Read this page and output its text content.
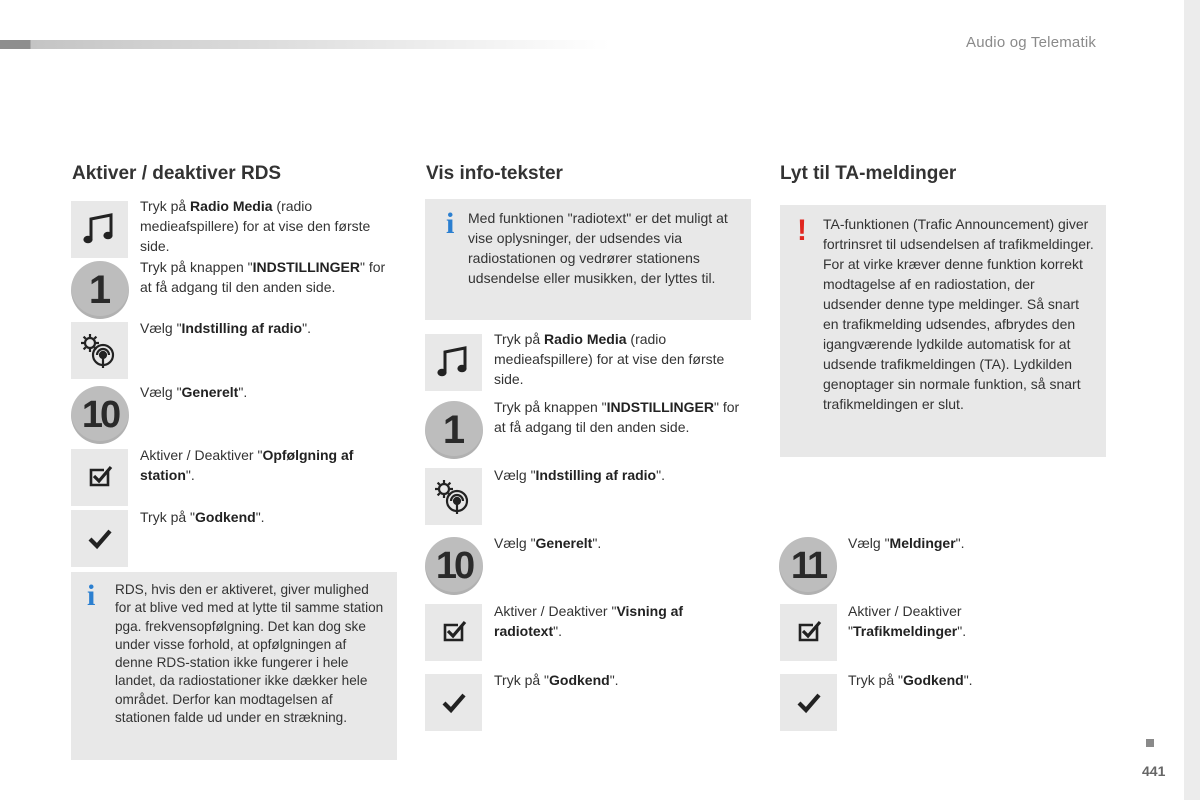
Audio og Telematik
441
Aktiver / deaktiver RDS
Tryk på Radio Media (radio medieafspillere) for at vise den første side.
1
Tryk på knappen "INDSTILLINGER" for at få adgang til den anden side.
Vælg "Indstilling af radio".
10
Vælg "Generelt".
Aktiver / Deaktiver "Opfølgning af station".
Tryk på "Godkend".
i RDS, hvis den er aktiveret, giver mulighed for at blive ved med at lytte til samme station pga. frekvensopfølgning. Det kan dog ske under visse forhold, at opfølgningen af denne RDS-station ikke fungerer i hele landet, da radiostationer ikke dækker hele området. Derfor kan modtagelsen af stationen falde ud under en strækning.
Vis info-tekster
i Med funktionen "radiotext" er det muligt at vise oplysninger, der udsendes via radiostationen og vedrører stationens udsendelse eller musikken, der lyttes til.
Tryk på Radio Media (radio medieafspillere) for at vise den første side.
1
Tryk på knappen "INDSTILLINGER" for at få adgang til den anden side.
Vælg "Indstilling af radio".
10
Vælg "Generelt".
Aktiver / Deaktiver "Visning af radiotext".
Tryk på "Godkend".
Lyt til TA-meldinger
! TA-funktionen (Trafic Announcement) giver fortrinsret til udsendelsen af trafikmeldinger. For at virke kræver denne funktion korrekt modtagelse af en radiostation, der udsender denne type meldinger. Så snart en trafikmelding udsendes, afbrydes den igangværende lydkilde automatisk for at udsende trafikmeldingen (TA). Lydkilden genoptager sin normale funktion, så snart trafikmeldingen er slut.
11
Vælg "Meldinger".
Aktiver / Deaktiver "Trafikmeldinger".
Tryk på "Godkend".
